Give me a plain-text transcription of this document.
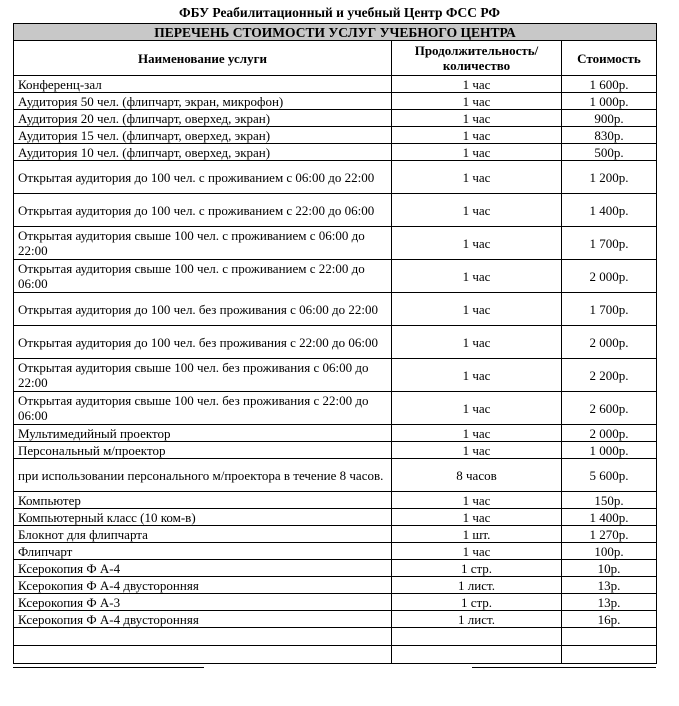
ФБУ Реабилитационный и учебный Центр ФСС РФ
ПЕРЕЧЕНЬ СТОИМОСТИ УСЛУГ УЧЕБНОГО ЦЕНТРА		
Наименование услуги	Продолжительность/ количество	Стоимость
Конференц-зал	1 час	1 600р.
Аудитория 50 чел. (флипчарт, экран, микрофон)	1 час	1 000р.
Аудитория 20 чел. (флипчарт, оверхед, экран)	1 час	900р.
Аудитория 15 чел. (флипчарт, оверхед, экран)	1 час	830р.
Аудитория 10 чел. (флипчарт, оверхед, экран)	1 час	500р.
Открытая аудитория до 100 чел. с проживанием с 06:00 до 22:00	1 час	1 200р.
Открытая аудитория до 100 чел. с проживанием с 22:00 до 06:00	1 час	1 400р.
Открытая аудитория свыше 100 чел. с проживанием с 06:00 до 22:00	1 час	1 700р.
Открытая аудитория свыше 100 чел. с проживанием с 22:00 до 06:00	1 час	2 000р.
Открытая аудитория до 100 чел. без проживания с 06:00 до 22:00	1 час	1 700р.
Открытая аудитория до 100 чел. без проживания с 22:00 до 06:00	1 час	2 000р.
Открытая аудитория свыше 100 чел. без проживания с 06:00 до 22:00	1 час	2 200р.
Открытая аудитория свыше 100 чел. без проживания с 22:00 до 06:00	1 час	2 600р.
Мультимедийный проектор	1 час	2 000р.
Персональный м/проектор	1 час	1 000р.
при использовании персонального м/проектора в течение 8 часов.	8 часов	5 600р.
Компьютер	1 час	150р.
Компьютерный класс (10 ком-в)	1 час	1 400р.
Блокнот для флипчарта	1 шт.	1 270р.
Флипчарт	1 час	100р.
Ксерокопия Ф А-4	1 стр.	10р.
Ксерокопия Ф А-4 двусторонняя	1 лист.	13р.
Ксерокопия Ф А-3	1 стр.	13р.
Ксерокопия Ф А-4 двусторонняя	1 лист.	16р.
